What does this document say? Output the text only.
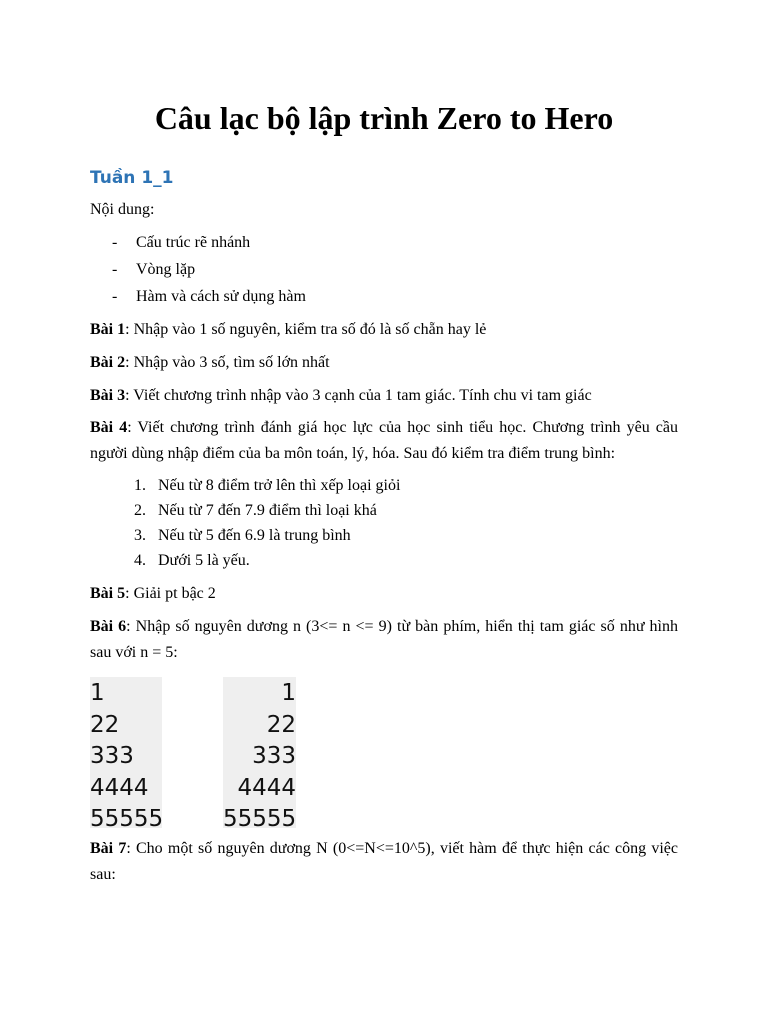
Câu lạc bộ lập trình Zero to Hero
Tuần 1_1
Nội dung:
- Cấu trúc rẽ nhánh
- Vòng lặp
- Hàm và cách sử dụng hàm
Bài 1: Nhập vào 1 số nguyên, kiểm tra số đó là số chẵn hay lẻ
Bài 2: Nhập vào 3 số, tìm số lớn nhất
Bài 3: Viết chương trình nhập vào 3 cạnh của 1 tam giác. Tính chu vi tam giác
Bài 4: Viết chương trình đánh giá học lực của học sinh tiểu học. Chương trình yêu cầu người dùng nhập điểm của ba môn toán, lý, hóa. Sau đó kiểm tra điểm trung bình:
1. Nếu từ 8 điểm trở lên thì xếp loại giỏi
2. Nếu từ 7 đến 7.9 điểm thì loại khá
3. Nếu từ 5 đến 6.9 là trung bình
4. Dưới 5 là yếu.
Bài 5: Giải pt bậc 2
Bài 6: Nhập số nguyên dương n (3<= n <= 9) từ bàn phím, hiển thị tam giác số như hình sau với n = 5:
1
22
333
4444
55555
1
22
333
4444
55555
Bài 7: Cho một số nguyên dương N (0<=N<=10^5), viết hàm để thực hiện các công việc sau:
